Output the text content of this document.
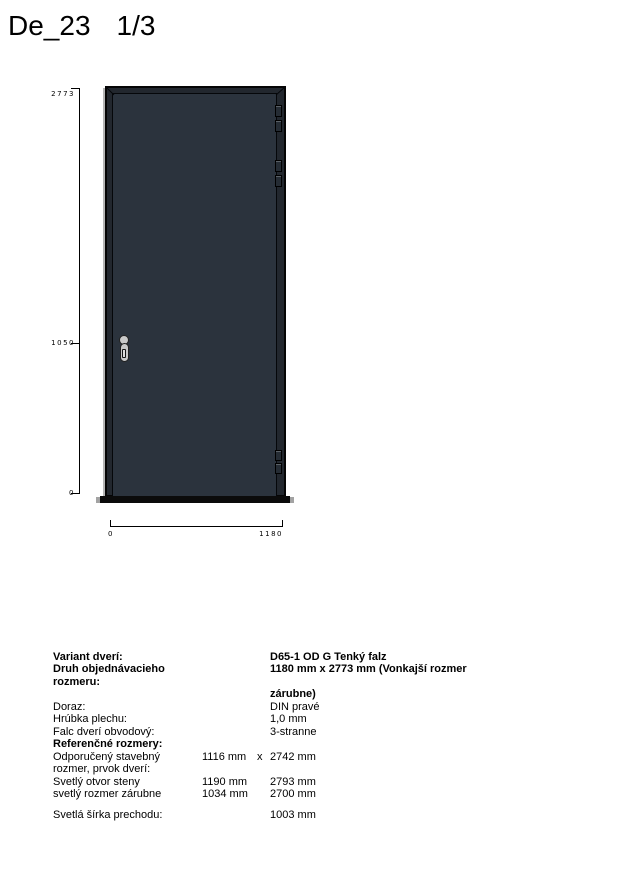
De_23 1/3
2773
1050
0
0	1180
Variant dverí:	D65-1 OD G Tenký falz
Druh objednávacieho rozmeru:
1180 mm x 2773 mm (Vonkajší rozmer
zárubne)
Doraz:	DIN pravé
Hrúbka plechu:	1,0 mm
Falc dverí obvodový:	3-stranne
Referenčné rozmery:
Odporučený stavebný	1116 mm x 2742 mm
rozmer, prvok dverí:
Svetlý otvor steny	1190 mm	2793 mm
svetlý rozmer zárubne	1034 mm	2700 mm
Svetlá šírka prechodu:	1003 mm
